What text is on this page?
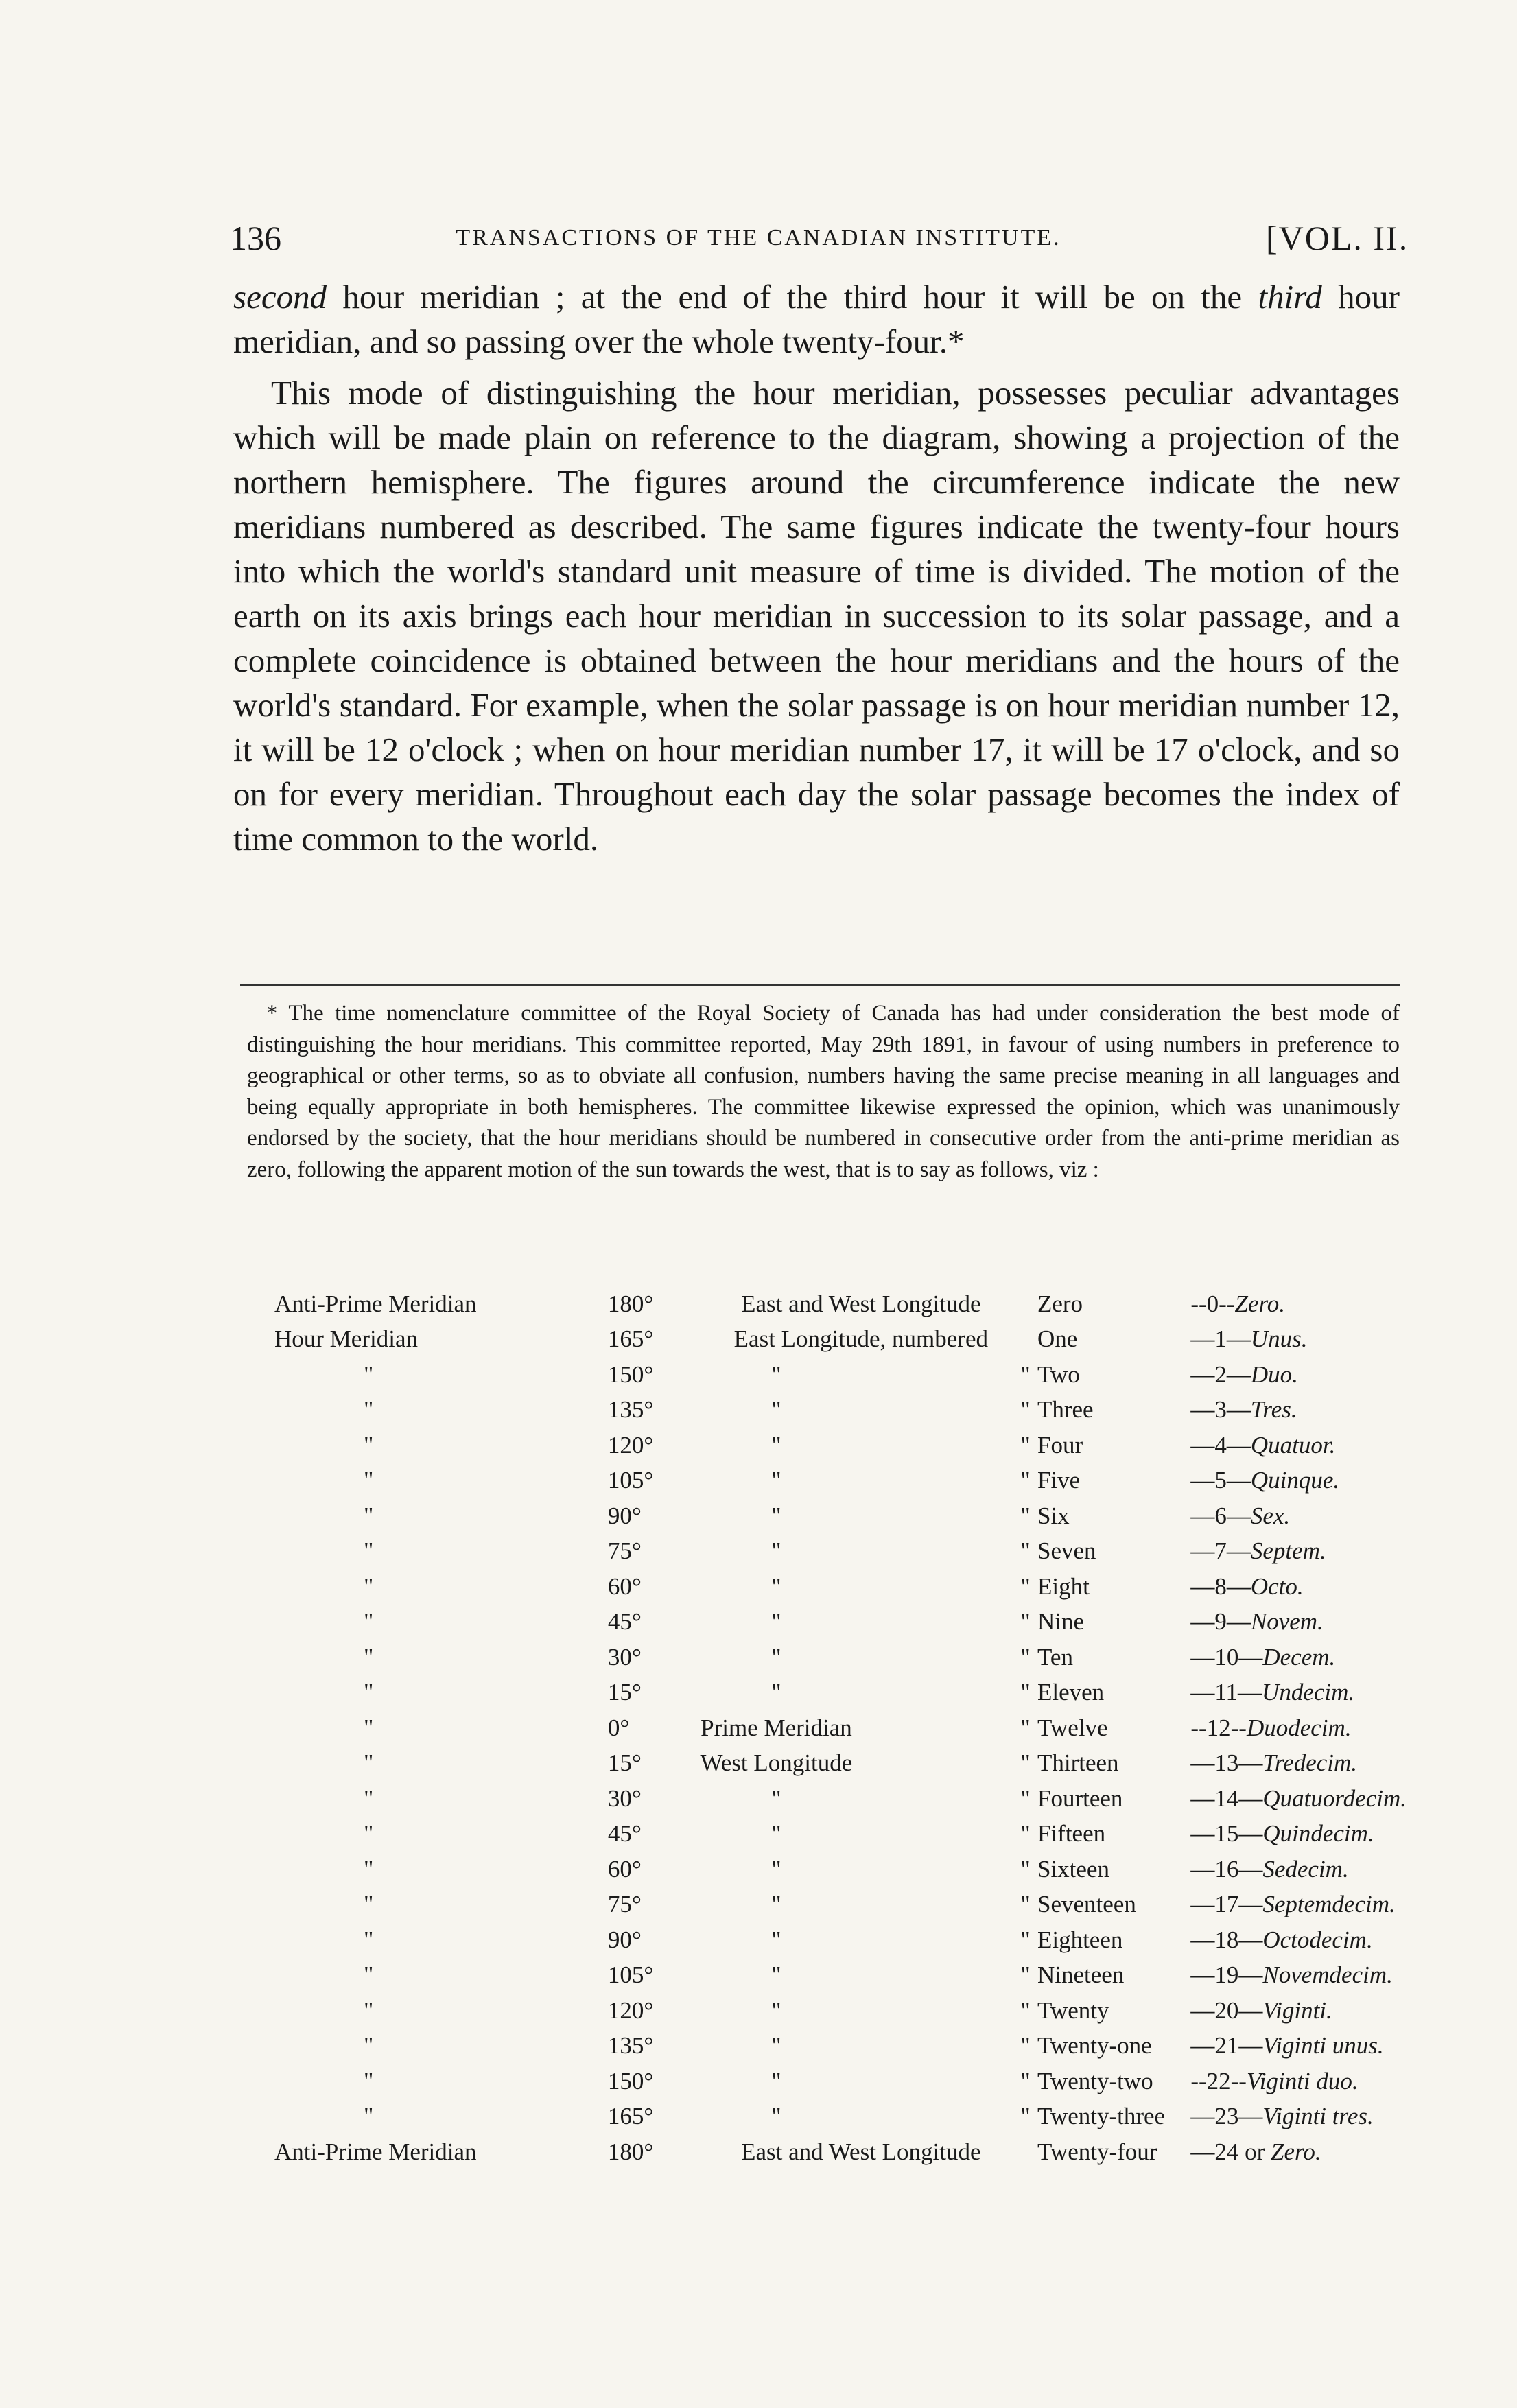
136	TRANSACTIONS OF THE CANADIAN INSTITUTE.	[VOL. II.

second hour meridian ; at the end of the third hour it will be on the third hour meridian, and so passing over the whole twenty-four.*

This mode of distinguishing the hour meridian, possesses peculiar advantages which will be made plain on reference to the diagram, showing a projection of the northern hemisphere. The figures around the circumference indicate the new meridians numbered as described. The same figures indicate the twenty-four hours into which the world's standard unit measure of time is divided. The motion of the earth on its axis brings each hour meridian in succession to its solar passage, and a complete coincidence is obtained between the hour meridians and the hours of the world's standard. For example, when the solar passage is on hour meridian number 12, it will be 12 o'clock ; when on hour meridian number 17, it will be 17 o'clock, and so on for every meridian. Throughout each day the solar passage becomes the index of time common to the world.

* The time nomenclature committee of the Royal Society of Canada has had under consideration the best mode of distinguishing the hour meridians. This committee reported, May 29th 1891, in favour of using numbers in preference to geographical or other terms, so as to obviate all confusion, numbers having the same precise meaning in all languages and being equally appropriate in both hemispheres. The committee likewise expressed the opinion, which was unanimously endorsed by the society, that the hour meridians should be numbered in consecutive order from the anti-prime meridian as zero, following the apparent motion of the sun towards the west, that is to say as follows, viz :

Anti-Prime Meridian	180°	East and West Longitude	Zero	--0--Zero.
Hour Meridian	165°	East Longitude, numbered	One	—1—Unus.
"	150°	" "	Two	—2—Duo.
"	135°	" "	Three	—3—Tres.
"	120°	" "	Four	—4—Quatuor.
"	105°	" "	Five	—5—Quinque.
"	90°	" "	Six	—6—Sex.
"	75°	" "	Seven	—7—Septem.
"	60°	" "	Eight	—8—Octo.
"	45°	" "	Nine	—9—Novem.
"	30°	" "	Ten	—10—Decem.
"	15°	" "	Eleven	—11—Undecim.
"	0°	Prime Meridian "	Twelve	--12--Duodecim.
"	15°	West Longitude "	Thirteen	—13—Tredecim.
"	30°	" "	Fourteen	—14—Quatuordecim.
"	45°	" "	Fifteen	—15—Quindecim.
"	60°	" "	Sixteen	—16—Sedecim.
"	75°	" "	Seventeen	—17—Septemdecim.
"	90°	" "	Eighteen	—18—Octodecim.
"	105°	" "	Nineteen	—19—Novemdecim.
"	120°	" "	Twenty	—20—Viginti.
"	135°	" "	Twenty-one	—21—Viginti unus.
"	150°	" "	Twenty-two	--22--Viginti duo.
"	165°	" "	Twenty-three	—23—Viginti tres.
Anti-Prime Meridian	180°	East and West Longitude	Twenty-four	—24 or Zero.
